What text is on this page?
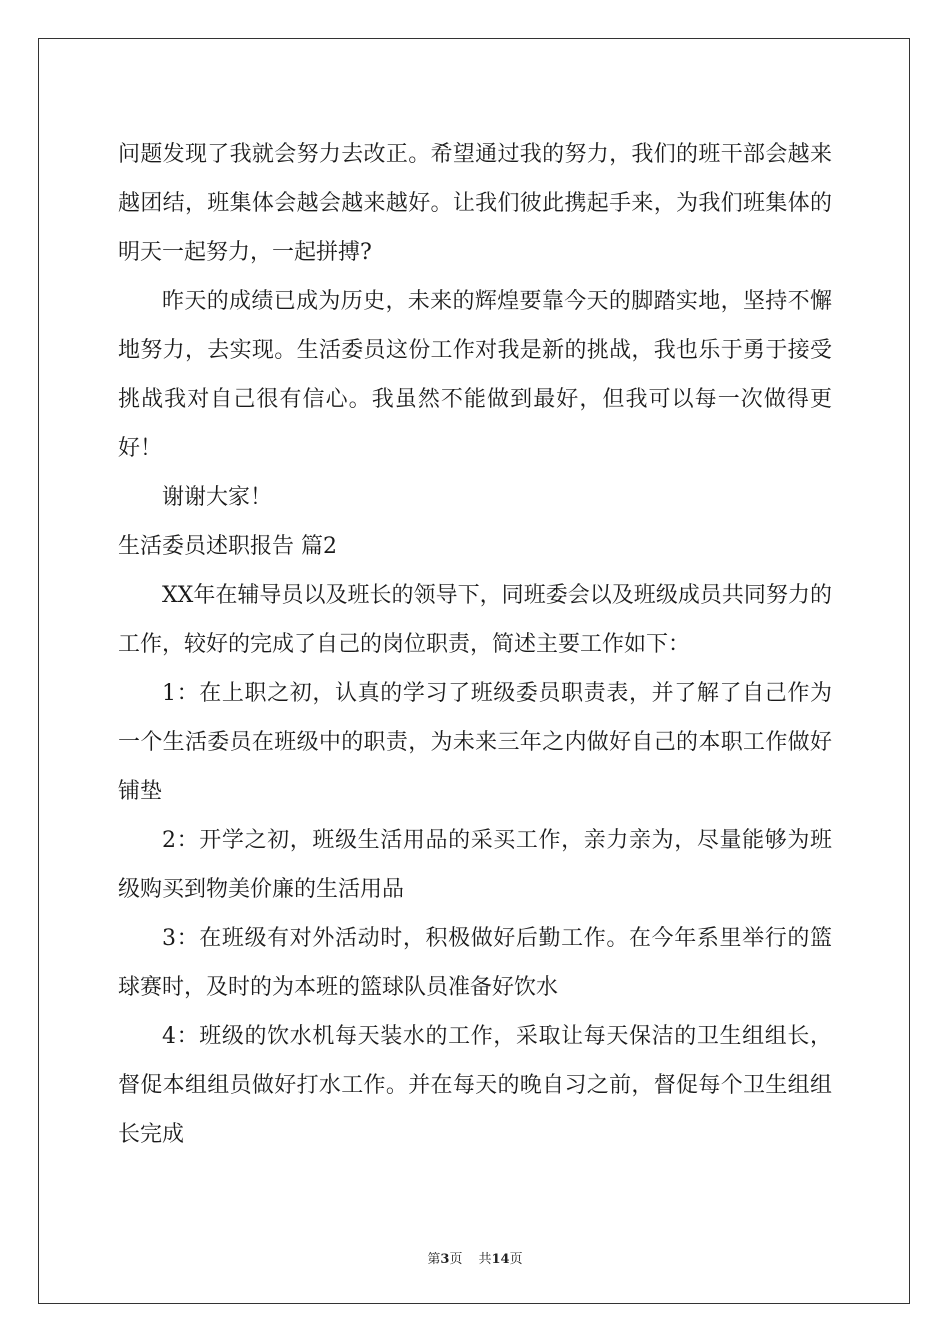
问题发现了我就会努力去改正。希望通过我的努力，我们的班干部会越来越团结，班集体会越会越来越好。让我们彼此携起手来，为我们班集体的明天一起努力，一起拼搏?

昨天的成绩已成为历史，未来的辉煌要靠今天的脚踏实地，坚持不懈地努力，去实现。生活委员这份工作对我是新的挑战，我也乐于勇于接受挑战我对自己很有信心。我虽然不能做到最好，但我可以每一次做得更好！

谢谢大家！

生活委员述职报告 篇2

XX年在辅导员以及班长的领导下，同班委会以及班级成员共同努力的工作，较好的完成了自己的岗位职责，简述主要工作如下：

1：在上职之初，认真的学习了班级委员职责表，并了解了自己作为一个生活委员在班级中的职责，为未来三年之内做好自己的本职工作做好铺垫

2：开学之初，班级生活用品的采买工作，亲力亲为，尽量能够为班级购买到物美价廉的生活用品

3：在班级有对外活动时，积极做好后勤工作。在今年系里举行的篮球赛时，及时的为本班的篮球队员准备好饮水

4：班级的饮水机每天装水的工作，采取让每天保洁的卫生组组长，督促本组组员做好打水工作。并在每天的晚自习之前，督促每个卫生组组长完成

第3页 共14页
